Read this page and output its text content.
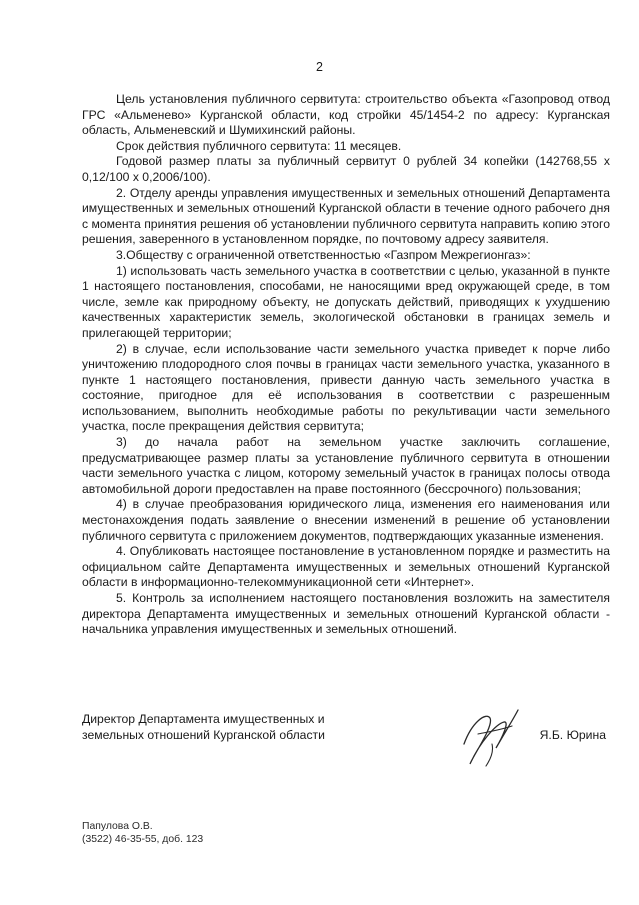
2

Цель установления публичного сервитута: строительство объекта «Газопровод отвод ГРС «Альменево» Курганской области, код стройки 45/1454-2 по адресу: Курганская область, Альменевский и Шумихинский районы.

Срок действия публичного сервитута: 11 месяцев.

Годовой размер платы за публичный сервитут 0 рублей 34 копейки (142768,55 x 0,12/100 x 0,2006/100).

2. Отделу аренды управления имущественных и земельных отношений Департамента имущественных и земельных отношений Курганской области в течение одного рабочего дня с момента принятия решения об установлении публичного сервитута направить копию этого решения, заверенного в установленном порядке, по почтовому адресу заявителя.

3.Обществу с ограниченной ответственностью «Газпром Межрегионгаз»:

1) использовать часть земельного участка в соответствии с целью, указанной в пункте 1 настоящего постановления, способами, не наносящими вред окружающей среде, в том числе, земле как природному объекту, не допускать действий, приводящих к ухудшению качественных характеристик земель, экологической обстановки в границах земель и прилегающей территории;

2) в случае, если использование части земельного участка приведет к порче либо уничтожению плодородного слоя почвы в границах части земельного участка, указанного в пункте 1 настоящего постановления, привести данную часть земельного участка в состояние, пригодное для её использования в соответствии с разрешенным использованием, выполнить необходимые работы по рекультивации части земельного участка, после прекращения действия сервитута;

3) до начала работ на земельном участке заключить соглашение, предусматривающее размер платы за установление публичного сервитута в отношении части земельного участка с лицом, которому земельный участок в границах полосы отвода автомобильной дороги предоставлен на праве постоянного (бессрочного) пользования;

4) в случае преобразования юридического лица, изменения его наименования или местонахождения подать заявление о внесении изменений в решение об установлении публичного сервитута с приложением документов, подтверждающих указанные изменения.

4. Опубликовать настоящее постановление в установленном порядке и разместить на официальном сайте Департамента имущественных и земельных отношений Курганской области в информационно-телекоммуникационной сети «Интернет».

5. Контроль за исполнением настоящего постановления возложить на заместителя директора Департамента имущественных и земельных отношений Курганской области - начальника управления имущественных и земельных отношений.

Директор Департамента имущественных и
земельных отношений Курганской области	Я.Б. Юрина
Папулова О.В.
(3522) 46-35-55, доб. 123
